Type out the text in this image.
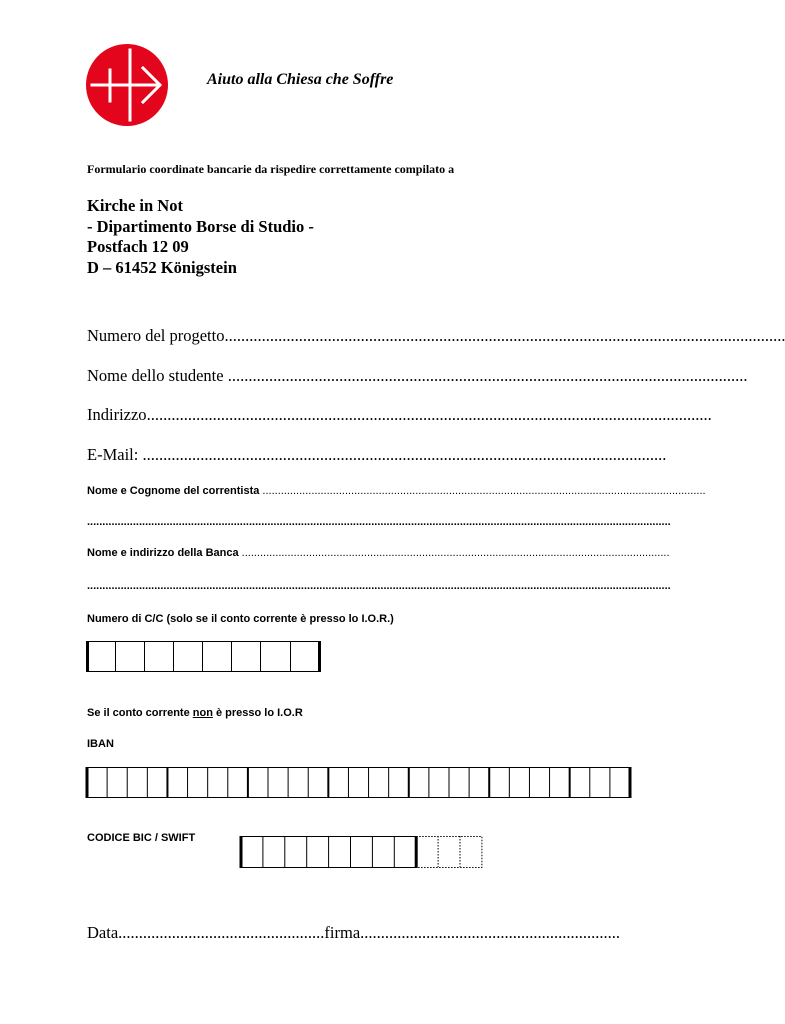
Aiuto alla Chiesa che Soffre
Formulario coordinate bancarie da rispedire correttamente compilato a
Kirche in Not
- Dipartimento Borse di Studio -
Postfach 12 09
D – 61452 Königstein
Numero del progetto........................................................................................................................................
Nome dello studente ..............................................................................................................................
Indirizzo.........................................................................................................................................
E-Mail: ...............................................................................................................................
Nome e Cognome del correntista .................................................................................................................................................
...............................................................................................................................................................................................
Nome e indirizzo della Banca ............................................................................................................................................
...............................................................................................................................................................................................
Numero di C/C (solo se il conto corrente è presso lo I.O.R.)
Se il conto corrente non è presso lo I.O.R
IBAN
CODICE BIC / SWIFT
Data..................................................firma...............................................................
